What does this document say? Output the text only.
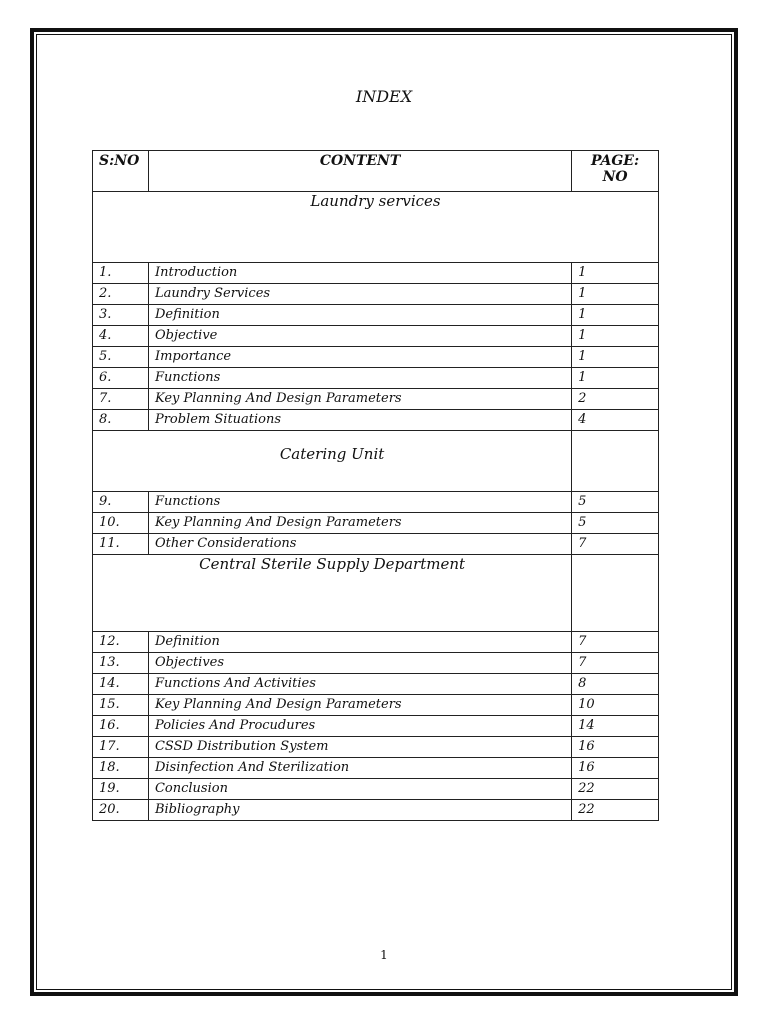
INDEX
S:NO	CONTENT	PAGE: NO
Laundry services		
1.	Introduction	1
2.	Laundry Services	1
3.	Definition	1
4.	Objective	1
5.	Importance	1
6.	Functions	1
7.	Key Planning And Design Parameters	2
8.	Problem Situations	4
Catering Unit		
9.	Functions	5
10.	Key Planning And Design Parameters	5
11.	Other Considerations	7
Central Sterile Supply Department		
12.	Definition	7
13.	Objectives	7
14.	Functions And Activities	8
15.	Key Planning And Design Parameters	10
16.	Policies And Procudures	14
17.	CSSD Distribution System	16
18.	Disinfection And Sterilization	16
19.	Conclusion	22
20.	Bibliography	22
1
